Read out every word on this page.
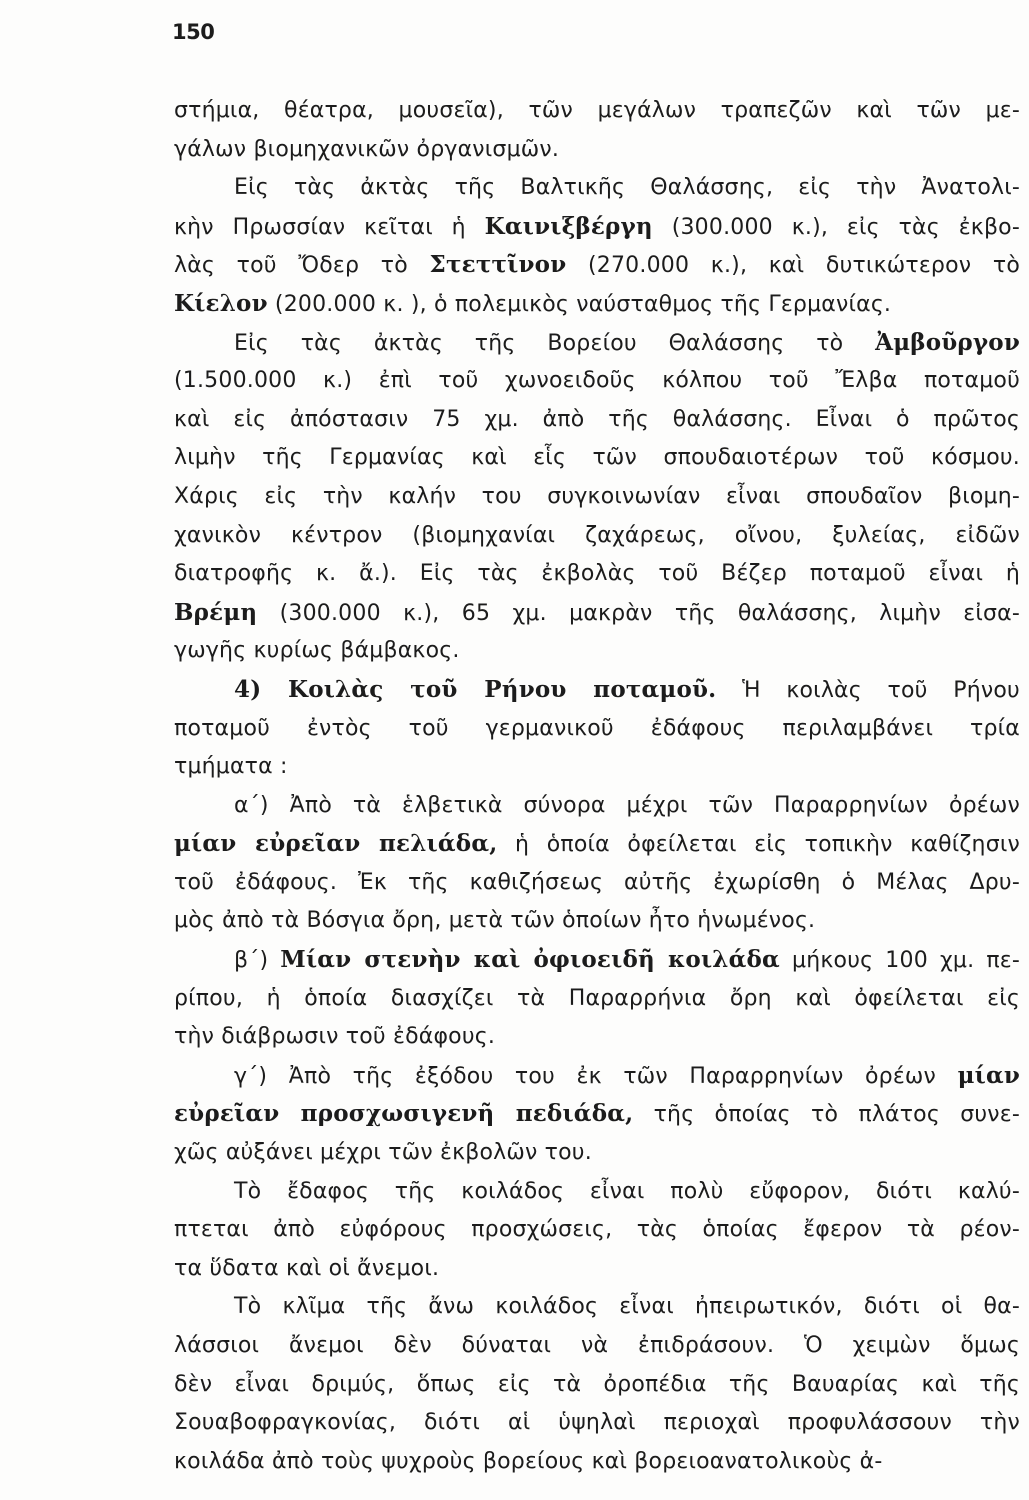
150
στήμια, θέατρα, μουσεῖα), τῶν μεγάλων τραπεζῶν καὶ τῶν με-
γάλων βιομηχανικῶν ὀργανισμῶν.
Εἰς τὰς ἀκτὰς τῆς Βαλτικῆς Θαλάσσης, εἰς τὴν Ἀνατολι-
κὴν Πρωσσίαν κεῖται ἡ Καινιξβέργη (300.000 κ.), εἰς τὰς ἐκβο-
λὰς τοῦ Ὄδερ τὸ Στεττῖνον (270.000 κ.), καὶ δυτικώτερον τὸ
Κίελον (200.000 κ. ), ὁ πολεμικὸς ναύσταθμος τῆς Γερμανίας.
Εἰς τὰς ἀκτὰς τῆς Βορείου Θαλάσσης τὸ Ἀμβοῦργον
(1.500.000 κ.) ἐπὶ τοῦ χωνοειδοῦς κόλπου τοῦ Ἔλβα ποταμοῦ
καὶ εἰς ἀπόστασιν 75 χμ. ἀπὸ τῆς θαλάσσης. Εἶναι ὁ πρῶτος
λιμὴν τῆς Γερμανίας καὶ εἷς τῶν σπουδαιοτέρων τοῦ κόσμου.
Χάρις εἰς τὴν καλήν του συγκοινωνίαν εἶναι σπουδαῖον βιομη-
χανικὸν κέντρον (βιομηχανίαι ζαχάρεως, οἴνου, ξυλείας, εἰδῶν
διατροφῆς κ. ἄ.). Εἰς τὰς ἐκβολὰς τοῦ Βέζερ ποταμοῦ εἶναι ἡ
Βρέμη (300.000 κ.), 65 χμ. μακρὰν τῆς θαλάσσης, λιμὴν εἰσα-
γωγῆς κυρίως βάμβακος.
4) Κοιλὰς τοῦ Ρήνου ποταμοῦ. Ἡ κοιλὰς τοῦ Ρήνου
ποταμοῦ ἐντὸς τοῦ γερμανικοῦ ἐδάφους περιλαμβάνει τρία
τμήματα :
α΄) Ἀπὸ τὰ ἑλβετικὰ σύνορα μέχρι τῶν Παραρρηνίων ὀρέων
μίαν εὐρεῖαν πελιάδα, ἡ ὁποία ὀφείλεται εἰς τοπικὴν καθίζησιν
τοῦ ἐδάφους. Ἐκ τῆς καθιζήσεως αὐτῆς ἐχωρίσθη ὁ Μέλας Δρυ-
μὸς ἀπὸ τὰ Βόσγια ὄρη, μετὰ τῶν ὁποίων ἦτο ἡνωμένος.
β΄) Μίαν στενὴν καὶ ὀφιοειδῆ κοιλάδα μήκους 100 χμ. πε-
ρίπου, ἡ ὁποία διασχίζει τὰ Παραρρήνια ὄρη καὶ ὀφείλεται εἰς
τὴν διάβρωσιν τοῦ ἐδάφους.
γ΄) Ἀπὸ τῆς ἐξόδου του ἐκ τῶν Παραρρηνίων ὀρέων μίαν
εὐρεῖαν προσχωσιγενῆ πεδιάδα, τῆς ὁποίας τὸ πλάτος συνε-
χῶς αὐξάνει μέχρι τῶν ἐκβολῶν του.
Τὸ ἔδαφος τῆς κοιλάδος εἶναι πολὺ εὔφορον, διότι καλύ-
πτεται ἀπὸ εὐφόρους προσχώσεις, τὰς ὁποίας ἔφερον τὰ ρέον-
τα ὕδατα καὶ οἱ ἄνεμοι.
Τὸ κλῖμα τῆς ἄνω κοιλάδος εἶναι ἠπειρωτικόν, διότι οἱ θα-
λάσσιοι ἄνεμοι δὲν δύναται νὰ ἐπιδράσουν. Ὁ χειμὼν ὅμως
δὲν εἶναι δριμύς, ὅπως εἰς τὰ ὀροπέδια τῆς Βαυαρίας καὶ τῆς
Σουαβοφραγκονίας, διότι αἱ ὑψηλαὶ περιοχαὶ προφυλάσσουν τὴν
κοιλάδα ἀπὸ τοὺς ψυχροὺς βορείους καὶ βορειοανατολικοὺς ἀ-
